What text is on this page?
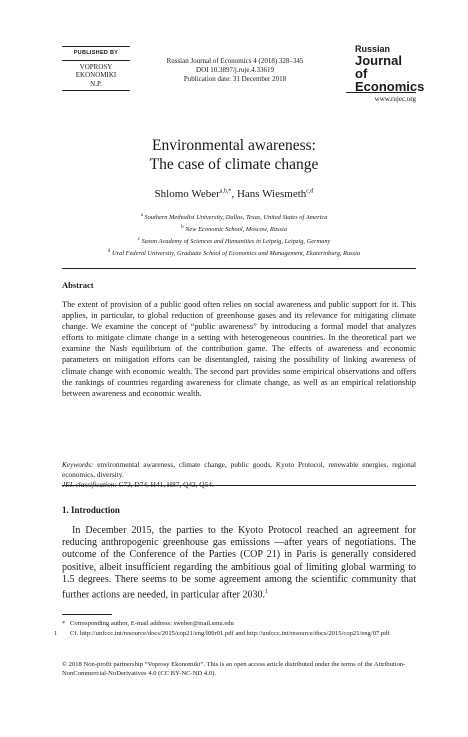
PUBLISHED BY
VOPROSY
EKONOMIKI
N.P.
Russian Journal of Economics 4 (2018) 328–345
DOI 10.3897/j.ruje.4.33619
Publication date: 31 December 2018
Russian
Journal of
Economics
www.rujec.org
Environmental awareness:
The case of climate change
Shlomo Weber$^{a,b,*}$, Hans Wiesmeth$^{c,d}$
$^a$ Southern Methodist University, Dallas, Texas, United States of America
$^b$ New Economic School, Moscow, Russia
$^c$ Saxon Academy of Sciences and Humanities in Leipzig, Leipzig, Germany
$^d$ Ural Federal University, Graduate School of Economics and Management, Ekaterinburg, Russia
Abstract
The extent of provision of a public good often relies on social awareness and public support for it. This applies, in particular, to global reduction of greenhouse gases and its relevance for mitigating climate change. We examine the concept of “public awareness” by introducing a formal model that analyzes efforts to mitigate climate change in a setting with heterogeneous countries. In the theoretical part we examine the Nash equilibrium of the contribution game. The effects of awareness and economic parameters on mitigation efforts can be disentangled, raising the possibility of linking awareness of climate change with economic wealth. The second part provides some empirical observations and offers the rankings of countries regarding awareness for climate change, as well as an empirical relationship between awareness and economic wealth.
Keywords: environmental awareness, climate change, public goods, Kyoto Protocol, renewable energies, regional economics, diversity.
JEL classification: C72, D74, H41, H87, Q42, Q54.
1. Introduction
In December 2015, the parties to the Kyoto Protocol reached an agreement for reducing anthropogenic greenhouse gas emissions —after years of negotiations. The outcome of the Conference of the Parties (COP 21) in Paris is generally considered positive, albeit insufficient regarding the ambitious goal of limiting global warming to 1.5 degrees. There seems to be some agreement among the scientific community that further actions are needed, in particular after 2030.$^1$
* Corresponding author, E-mail address: sweber@mail.smu.edu
1 Cf. http://unfccc.int/resource/docs/2015/cop21/eng/l09r01.pdf and http://unfccc.int/resource/docs/2015/cop21/eng/07.pdf
© 2018 Non-profit partnership “Voprosy Ekonomiki”. This is an open access article distributed under the terms of the Attribution-NonCommercial-NoDerivatives 4.0 (CC BY-NC-ND 4.0).
